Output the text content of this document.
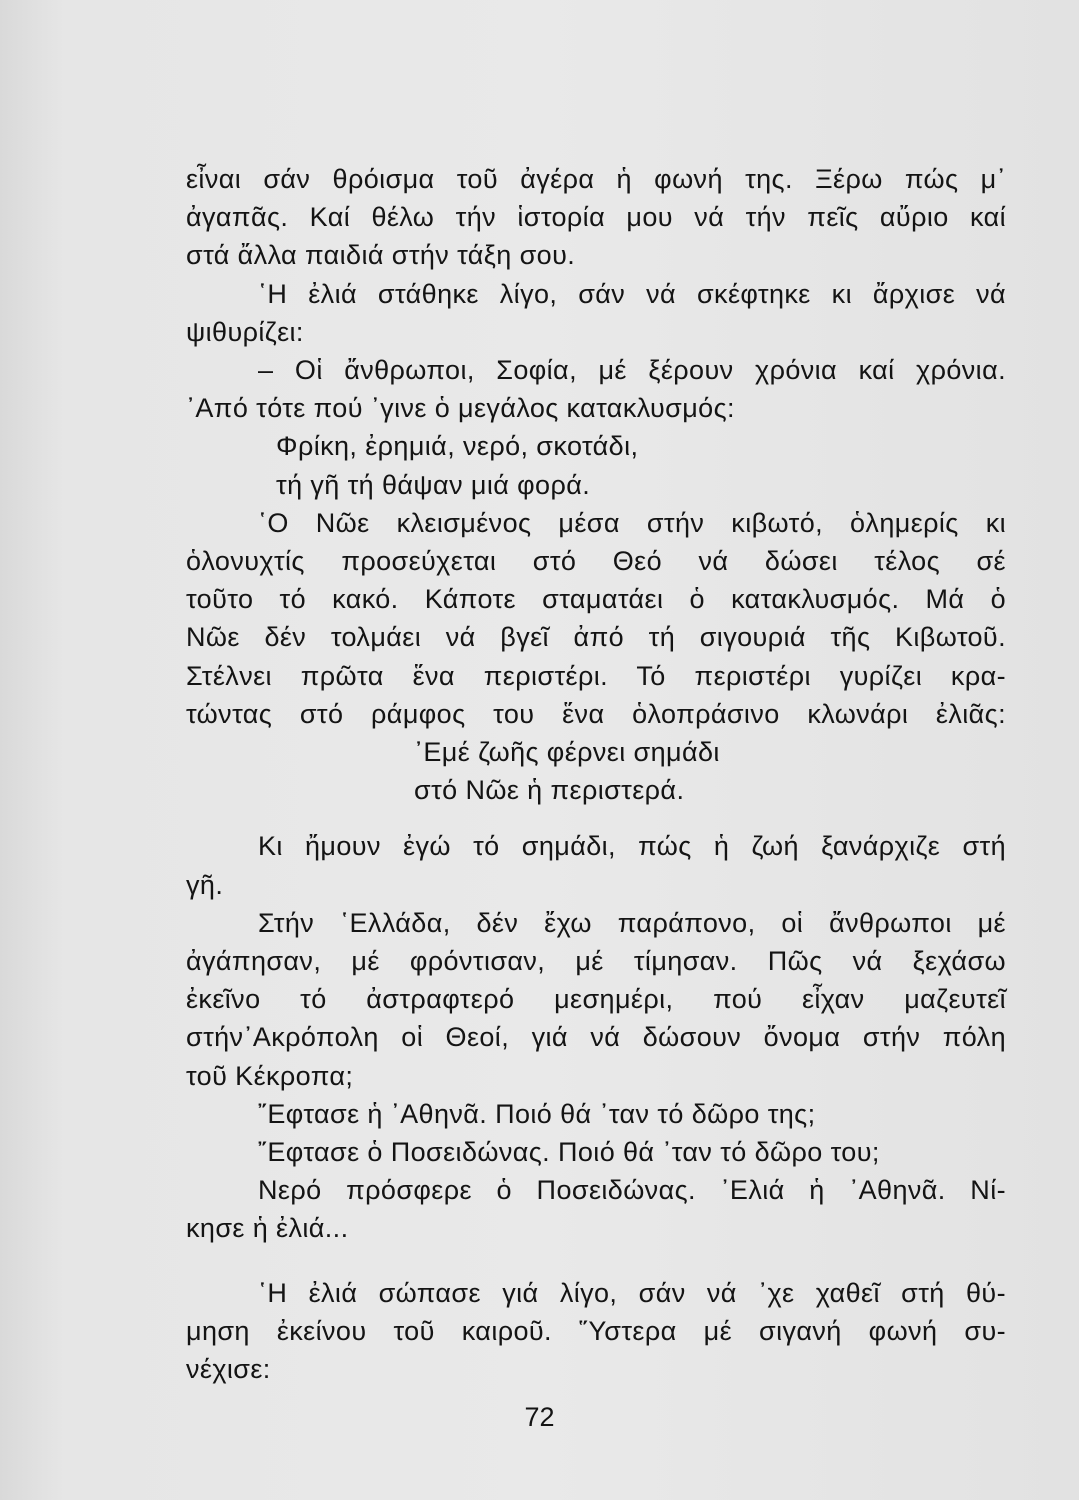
εἶναι σάν θρόισμα τοῦ ἀγέρα ἡ φωνή της. Ξέρω πώς μ᾽
ἀγαπᾶς. Καί θέλω τήν ἱστορία μου νά τήν πεῖς αὔριο καί
στά ἄλλα παιδιά στήν τάξη σου.
῾Η ἐλιά στάθηκε λίγο, σάν νά σκέφτηκε κι ἄρχισε νά
ψιθυρίζει:
– Οἱ ἄνθρωποι, Σοφία, μέ ξέρουν χρόνια καί χρόνια.
᾽Από τότε πού ᾽γινε ὁ μεγάλος κατακλυσμός:
Φρίκη, ἐρημιά, νερό, σκοτάδι,
τή γῆ τή θάψαν μιά φορά.
῾Ο Νῶε κλεισμένος μέσα στήν κιβωτό, ὁλημερίς κι
ὁλονυχτίς προσεύχεται στό Θεό νά δώσει τέλος σέ
τοῦτο τό κακό. Κάποτε σταματάει ὁ κατακλυσμός. Μά ὁ
Νῶε δέν τολμάει νά βγεῖ ἀπό τή σιγουριά τῆς Κιβωτοῦ.
Στέλνει πρῶτα ἕνα περιστέρι. Τό περιστέρι γυρίζει κρα-
τώντας στό ράμφος του ἕνα ὁλοπράσινο κλωνάρι ἐλιᾶς:
᾽Εμέ ζωῆς φέρνει σημάδι
στό Νῶε ἡ περιστερά.
Κι ἤμουν ἐγώ τό σημάδι, πώς ἡ ζωή ξανάρχιζε στή
γῆ.
Στήν ῾Ελλάδα, δέν ἔχω παράπονο, οἱ ἄνθρωποι μέ
ἀγάπησαν, μέ φρόντισαν, μέ τίμησαν. Πῶς νά ξεχάσω
ἐκεῖνο τό ἀστραφτερό μεσημέρι, πού εἶχαν μαζευτεῖ
στήν᾽Ακρόπολη οἱ Θεοί, γιά νά δώσουν ὄνομα στήν πόλη
τοῦ Κέκροπα;
῎Εφτασε ἡ ᾽Αθηνᾶ. Ποιό θά ᾽ταν τό δῶρο της;
῎Εφτασε ὁ Ποσειδώνας. Ποιό θά ᾽ταν τό δῶρο του;
Νερό πρόσφερε ὁ Ποσειδώνας. ᾽Ελιά ἡ ᾽Αθηνᾶ. Νί-
κησε ἡ ἐλιά...
῾Η ἐλιά σώπασε γιά λίγο, σάν νά ᾽χε χαθεῖ στή θύ-
μηση ἐκείνου τοῦ καιροῦ. ῞Υστερα μέ σιγανή φωνή συ-
νέχισε:
72
